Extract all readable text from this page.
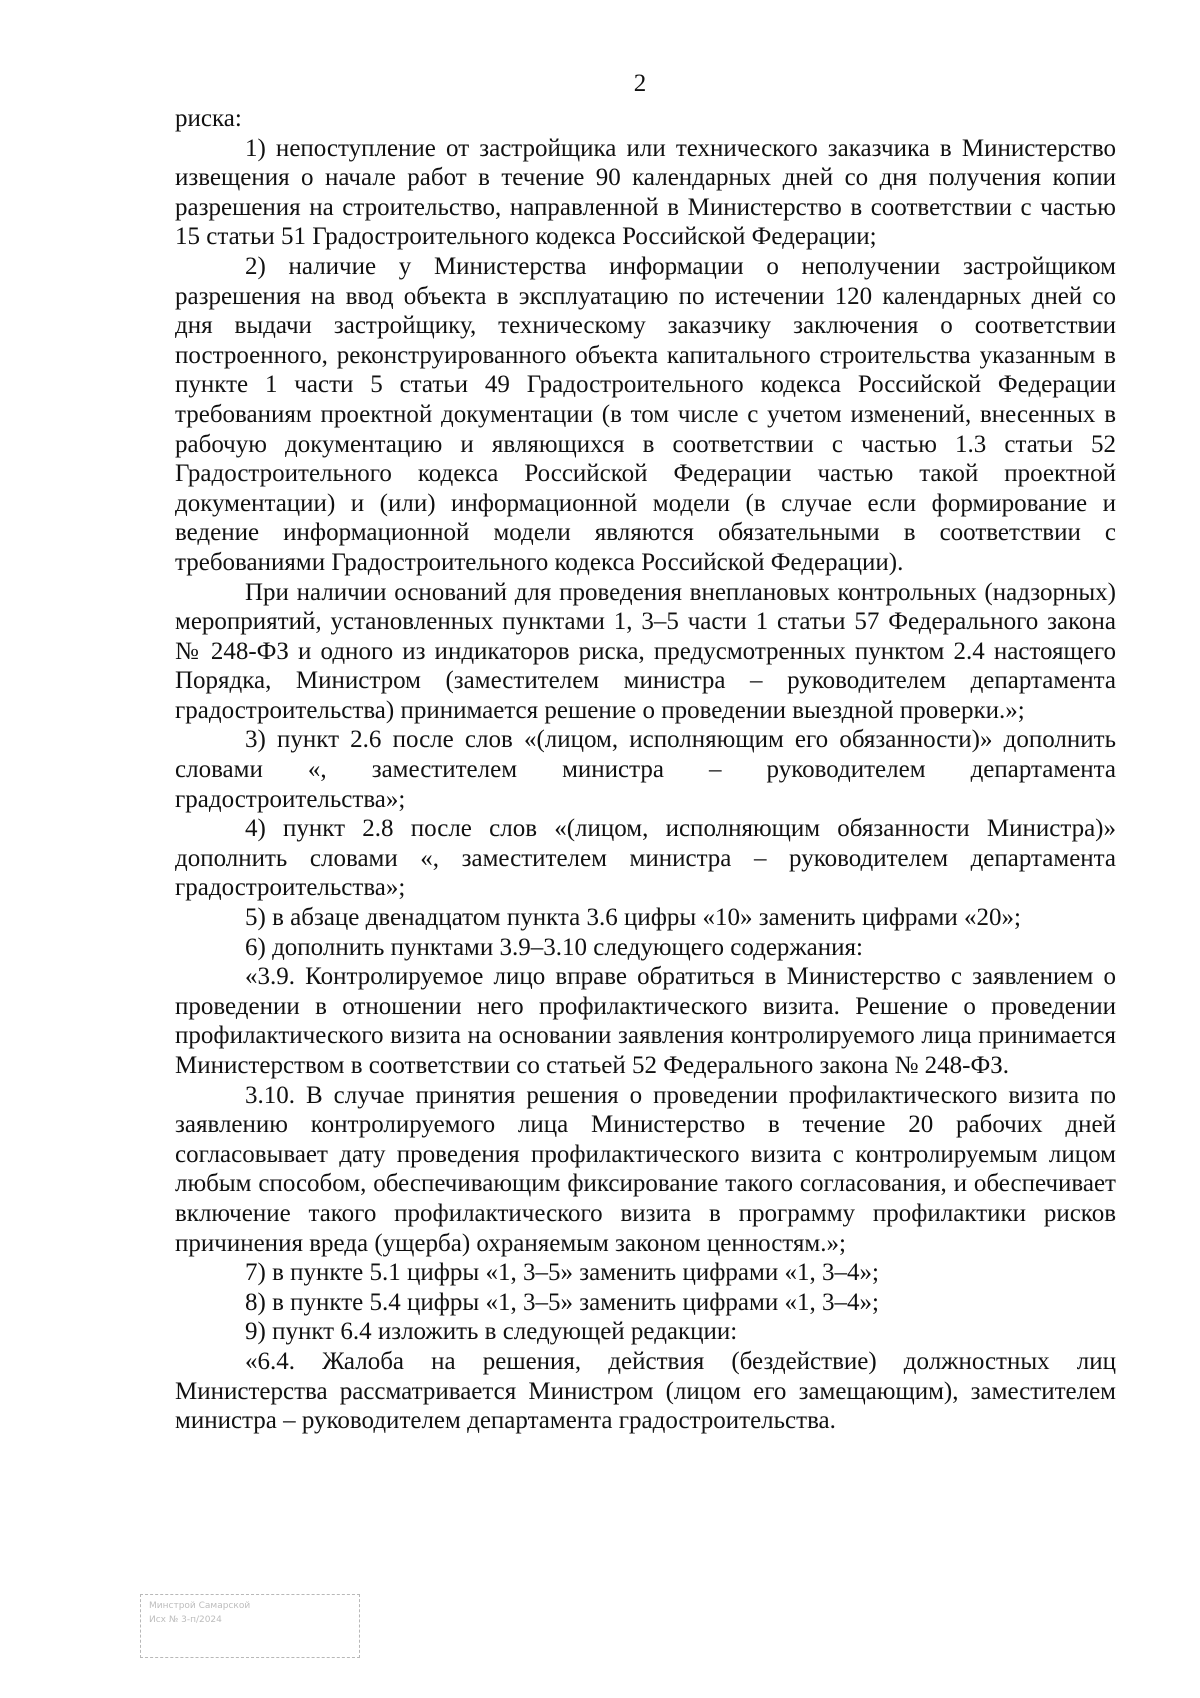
2

риска:

1) непоступление от застройщика или технического заказчика в Министерство извещения о начале работ в течение 90 календарных дней со дня получения копии разрешения на строительство, направленной в Министерство в соответствии с частью 15 статьи 51 Градостроительного кодекса Российской Федерации;

2) наличие у Министерства информации о неполучении застройщиком разрешения на ввод объекта в эксплуатацию по истечении 120 календарных дней со дня выдачи застройщику, техническому заказчику заключения о соответствии построенного, реконструированного объекта капитального строительства указанным в пункте 1 части 5 статьи 49 Градостроительного кодекса Российской Федерации требованиям проектной документации (в том числе с учетом изменений, внесенных в рабочую документацию и являющихся в соответствии с частью 1.3 статьи 52 Градостроительного кодекса Российской Федерации частью такой проектной документации) и (или) информационной модели (в случае если формирование и ведение информационной модели являются обязательными в соответствии с требованиями Градостроительного кодекса Российской Федерации).

При наличии оснований для проведения внеплановых контрольных (надзорных) мероприятий, установленных пунктами 1, 3–5 части 1 статьи 57 Федерального закона № 248-ФЗ и одного из индикаторов риска, предусмотренных пунктом 2.4 настоящего Порядка, Министром (заместителем министра – руководителем департамента градостроительства) принимается решение о проведении выездной проверки.»;

3) пункт 2.6 после слов «(лицом, исполняющим его обязанности)» дополнить словами «, заместителем министра – руководителем департамента градостроительства»;

4) пункт 2.8 после слов «(лицом, исполняющим обязанности Министра)» дополнить словами «, заместителем министра – руководителем департамента градостроительства»;

5) в абзаце двенадцатом пункта 3.6 цифры «10» заменить цифрами «20»;

6) дополнить пунктами 3.9–3.10 следующего содержания:

«3.9. Контролируемое лицо вправе обратиться в Министерство с заявлением о проведении в отношении него профилактического визита. Решение о проведении профилактического визита на основании заявления контролируемого лица принимается Министерством в соответствии со статьей 52 Федерального закона № 248-ФЗ.

3.10. В случае принятия решения о проведении профилактического визита по заявлению контролируемого лица Министерство в течение 20 рабочих дней согласовывает дату проведения профилактического визита с контролируемым лицом любым способом, обеспечивающим фиксирование такого согласования, и обеспечивает включение такого профилактического визита в программу профилактики рисков причинения вреда (ущерба) охраняемым законом ценностям.»;

7) в пункте 5.1 цифры «1, 3–5» заменить цифрами «1, 3–4»;

8) в пункте 5.4 цифры «1, 3–5» заменить цифрами «1, 3–4»;

9) пункт 6.4 изложить в следующей редакции:

«6.4. Жалоба на решения, действия (бездействие) должностных лиц Министерства рассматривается Министром (лицом его замещающим), заместителем министра – руководителем департамента градостроительства.

Минстрой Самарской
Исх № 3-п/2024
